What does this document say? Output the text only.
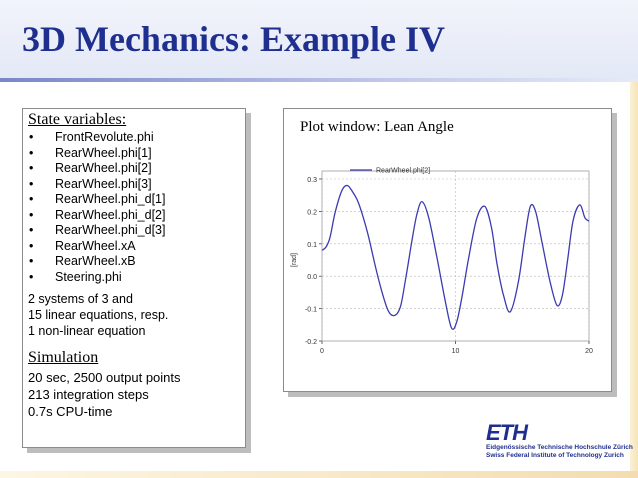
3D Mechanics: Example IV
State variables:
• FrontRevolute.phi
• RearWheel.phi[1]
• RearWheel.phi[2]
• RearWheel.phi[3]
• RearWheel.phi_d[1]
• RearWheel.phi_d[2]
• RearWheel.phi_d[3]
• RearWheel.xA
• RearWheel.xB
• Steering.phi
2 systems of 3 and
15 linear equations, resp.
1 non-linear equation
Simulation
20 sec, 2500 output points
213 integration steps
0.7s CPU-time
Plot window: Lean Angle
-0.2
-0.1
0.0
0.1
0.2
0.3
0	10	20
[rad]
RearWheel.phi[2]
ETH
Eidgenössische Technische Hochschule Zürich
Swiss Federal Institute of Technology Zurich
